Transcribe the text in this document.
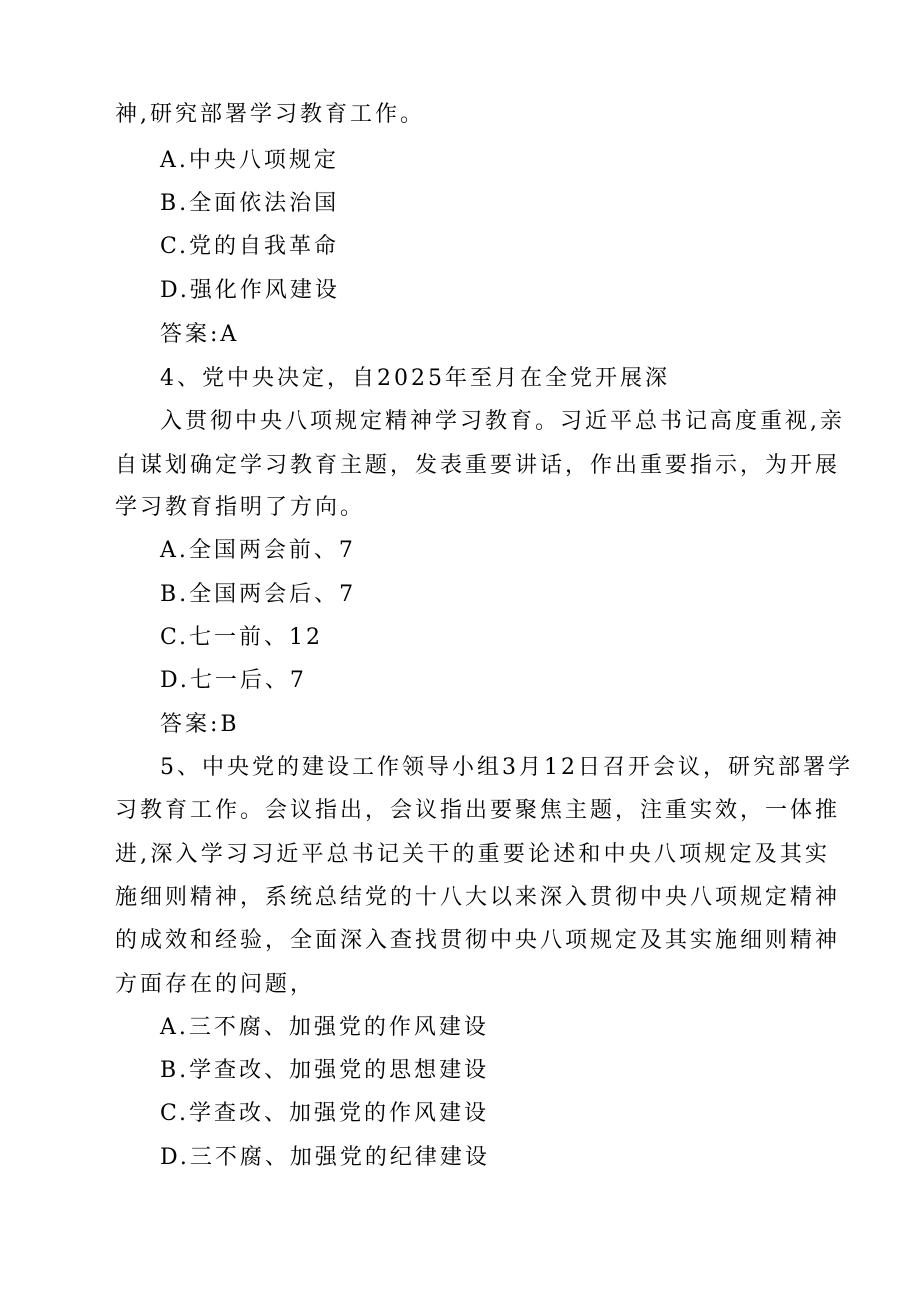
神,研究部署学习教育工作。
A.中央八项规定
B.全面依法治国
C.党的自我革命
D.强化作风建设
答案:A
4、党中央决定，自2025年至月在全党开展深
入贯彻中央八项规定精神学习教育。习近平总书记高度重视,亲
自谋划确定学习教育主题，发表重要讲话，作出重要指示，为开展
学习教育指明了方向。
A.全国两会前、7
B.全国两会后、7
C.七一前、12
D.七一后、7
答案:B
5、中央党的建设工作领导小组3月12日召开会议，研究部署学
习教育工作。会议指出，会议指出要聚焦主题，注重实效，一体推
进,深入学习习近平总书记关干的重要论述和中央八项规定及其实
施细则精神，系统总结党的十八大以来深入贯彻中央八项规定精神
的成效和经验，全面深入查找贯彻中央八项规定及其实施细则精神
方面存在的问题，
A.三不腐、加强党的作风建设
B.学查改、加强党的思想建设
C.学查改、加强党的作风建设
D.三不腐、加强党的纪律建设
